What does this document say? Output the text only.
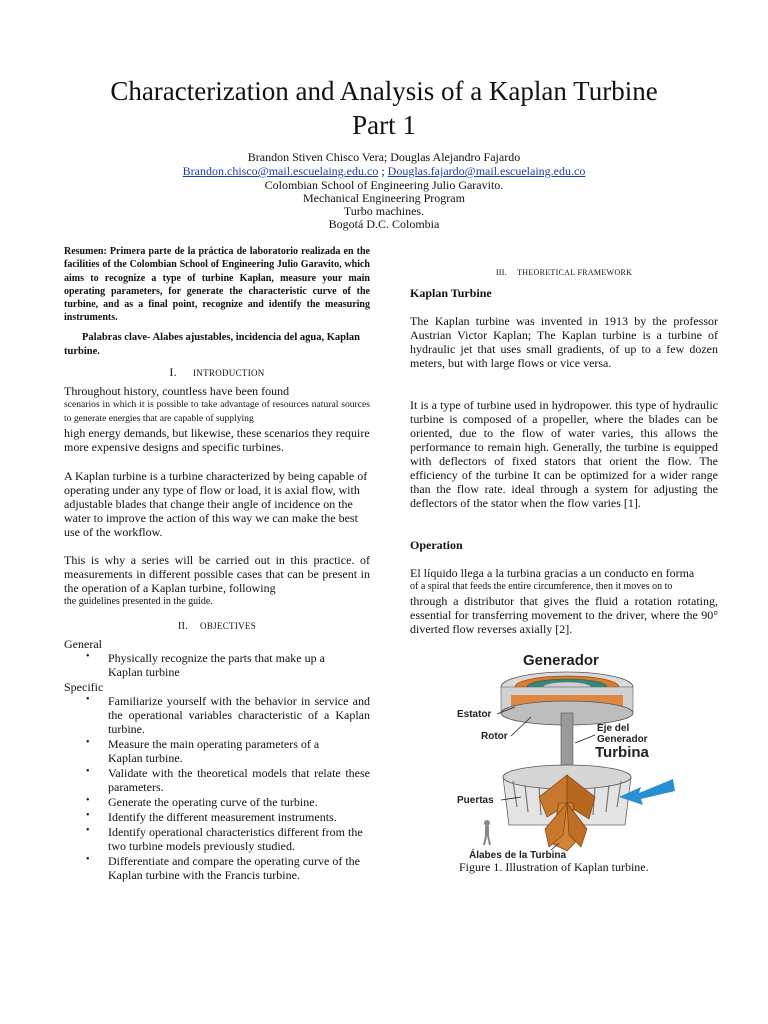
Characterization and Analysis of a Kaplan Turbine
Part 1
Brandon Stiven Chisco Vera; Douglas Alejandro Fajardo
Brandon.chisco@mail.escuelaing.edu.co ; Douglas.fajardo@mail.escuelaing.edu.co
Colombian School of Engineering Julio Garavito.
Mechanical Engineering Program
Turbo machines.
Bogotá D.C. Colombia
Resumen: Primera parte de la práctica de laboratorio realizada en the facilities of the Colombian School of Engineering Julio Garavito, which aims to recognize a type of turbine Kaplan, measure your main operating parameters, for generate the characteristic curve of the turbine, and as a final point, recognize and identify the measuring instruments.
Palabras clave- Alabes ajustables, incidencia del agua, Kaplan turbine.
I. INTRODUCTION
Throughout history, countless have been found
scenarios in which it is possible to take advantage of resources natural sources to generate energies that are capable of supplying
high energy demands, but likewise, these scenarios they require more expensive designs and specific turbines.
A Kaplan turbine is a turbine characterized by being capable of operating under any type of flow or load, it is axial flow, with adjustable blades that change their angle of incidence on the water to improve the action of this way we can make the best use of the workflow.
This is why a series will be carried out in this practice. of measurements in different possible cases that can be present in the operation of a Kaplan turbine, following
the guidelines presented in the guide.
II. OBJECTIVES
General
• Physically recognize the parts that make up a Kaplan turbine
Specific
• Familiarize yourself with the behavior in service and the operational variables characteristic of a Kaplan turbine.
• Measure the main operating parameters of a Kaplan turbine.
• Validate with the theoretical models that relate these parameters.
• Generate the operating curve of the turbine.
• Identify the different measurement instruments.
• Identify operational characteristics different from the two turbine models previously studied.
• Differentiate and compare the operating curve of the Kaplan turbine with the Francis turbine.
III. THEORETICAL FRAMEWORK
Kaplan Turbine
The Kaplan turbine was invented in 1913 by the professor Austrian Victor Kaplan; The Kaplan turbine is a turbine of hydraulic jet that uses small gradients, of up to a few dozen meters, but with large flows or vice versa.
It is a type of turbine used in hydropower. this type of hydraulic turbine is composed of a propeller, where the blades can be oriented, due to the flow of water varies, this allows the performance to remain high. Generally, the turbine is equipped with deflectors of fixed stators that orient the flow. The efficiency of the turbine It can be optimized for a wider range than the flow rate. ideal through a system for adjusting the deflectors of the stator when the flow varies [1].
Operation
El líquido llega a la turbina gracias a un conducto en forma
of a spiral that feeds the entire circumference, then it moves on to
through a distributor that gives the fluid a rotation rotating, essential for transferring movement to the driver, where the 90° diverted flow reverses axially [2].
Generador
Estator
Rotor
Eje del
Generador
Turbina
Puertas
Álabes de la Turbina
Figure 1. Illustration of Kaplan turbine.
